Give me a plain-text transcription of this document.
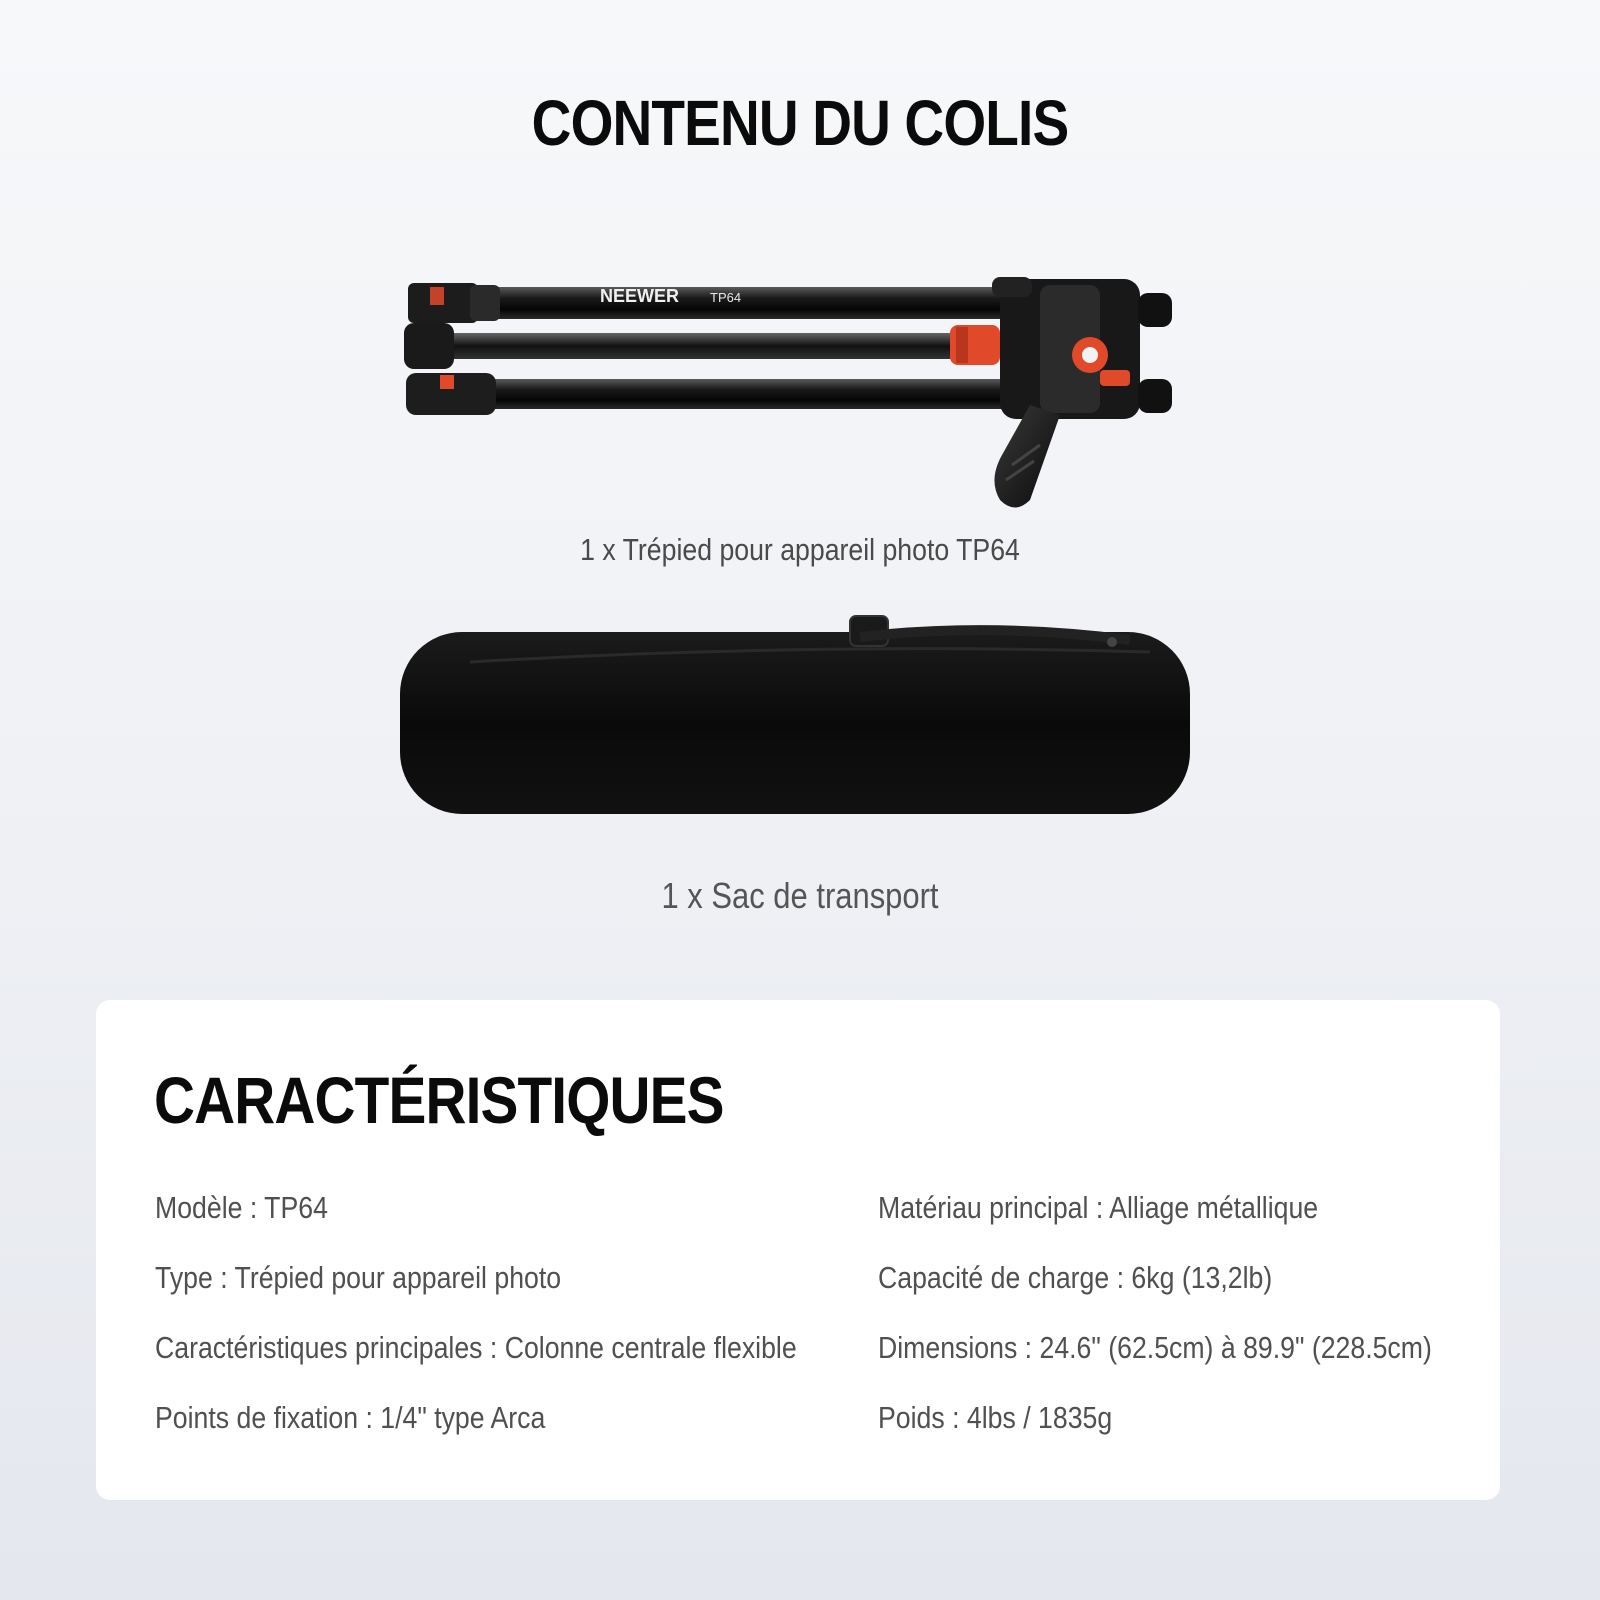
CONTENU DU COLIS
NEEWER TP64
1 x Trépied pour appareil photo TP64
1 x Sac de transport
CARACTÉRISTIQUES
Modèle : TP64
Type : Trépied pour appareil photo
Caractéristiques principales : Colonne centrale flexible
Points de fixation : 1/4" type Arca
Matériau principal : Alliage métallique
Capacité de charge : 6kg (13,2lb)
Dimensions : 24.6" (62.5cm) à 89.9" (228.5cm)
Poids : 4lbs / 1835g
